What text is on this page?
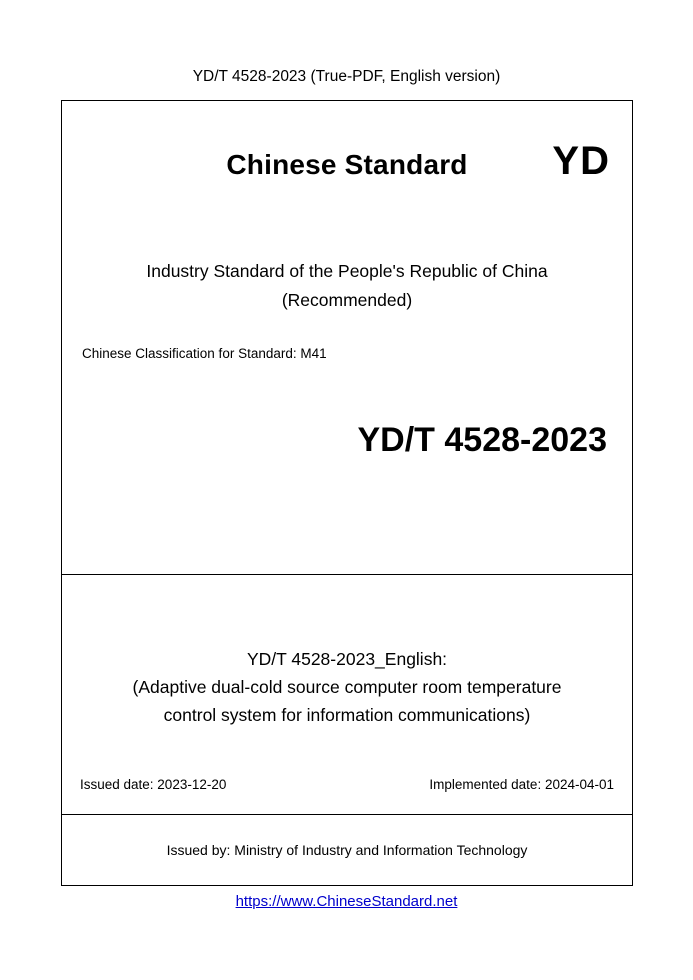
YD/T 4528-2023 (True-PDF, English version)
Chinese Standard	YD
Industry Standard of the People's Republic of China
(Recommended)
Chinese Classification for Standard: M41
YD/T 4528-2023
YD/T 4528-2023_English:
(Adaptive dual-cold source computer room temperature
control system for information communications)
Issued date: 2023-12-20	Implemented date: 2024-04-01
Issued by: Ministry of Industry and Information Technology
https://www.ChineseStandard.net
